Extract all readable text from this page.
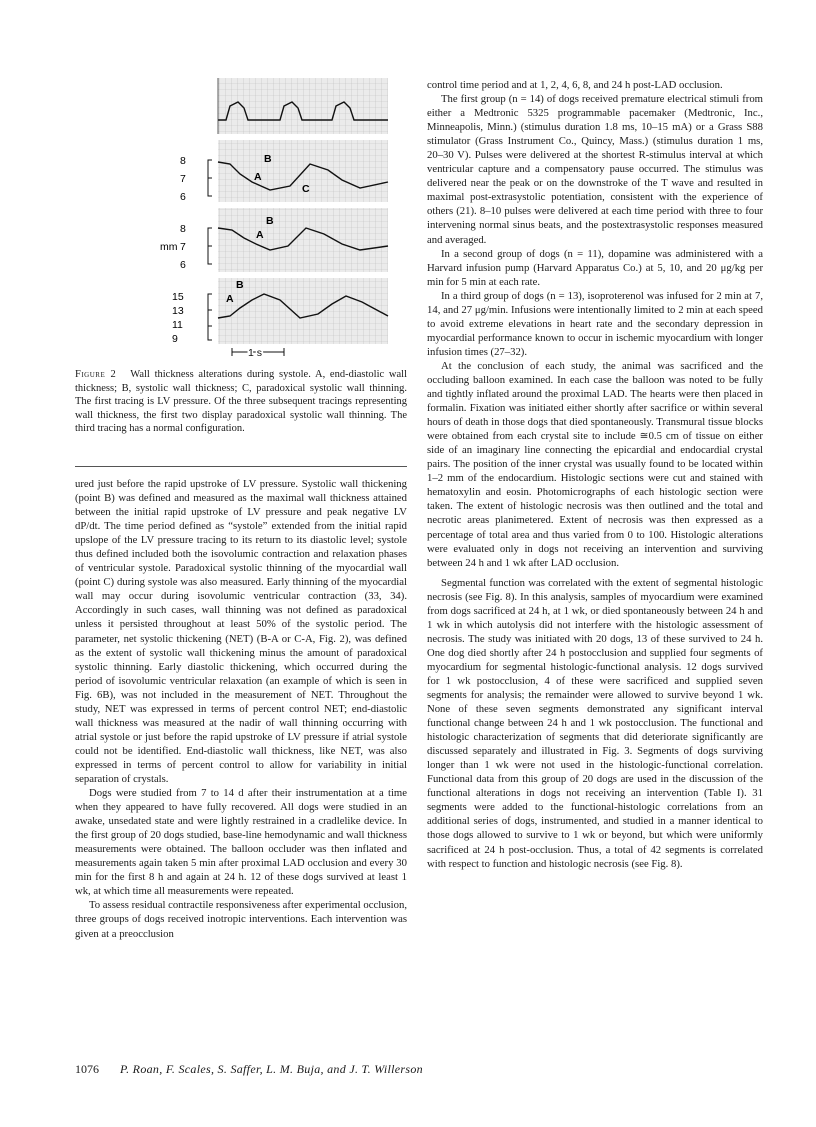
A
B
C
A
B
A
B
8
7
6
8
mm 7
6
15
13
11
9
1 s
Figure 2 Wall thickness alterations during systole. A, end-diastolic wall thickness; B, systolic wall thickness; C, paradoxical systolic wall thinning. The first tracing is LV pressure. Of the three subsequent tracings representing wall thickness, the first two display paradoxical systolic wall thinning. The third tracing has a normal configuration.

ured just before the rapid upstroke of LV pressure. Systolic wall thickening (point B) was defined and measured as the maximal wall thickness attained between the initial rapid upstroke of LV pressure and peak negative LV dP/dt. The time period defined as “systole” extended from the initial rapid upslope of the LV pressure tracing to its return to its diastolic level; systole thus defined included both the isovolumic contraction and relaxation phases of ventricular systole. Paradoxical systolic thinning of the myocardial wall (point C) during systole was also measured. Early thinning of the myocardial wall may occur during isovolumic ventricular contraction (33, 34). Accordingly in such cases, wall thinning was not defined as paradoxical unless it persisted throughout at least 50% of the systolic period. The parameter, net systolic thickening (NET) (B-A or C-A, Fig. 2), was defined as the extent of systolic wall thickening minus the amount of paradoxical systolic thinning. Early diastolic thickening, which occurred during the period of isovolumic ventricular relaxation (an example of which is seen in Fig. 6B), was not included in the measurement of NET. Throughout the study, NET was expressed in terms of percent control NET; end-diastolic wall thickness was measured at the nadir of wall thinning occurring with atrial systole or just before the rapid upstroke of LV pressure if atrial systole could not be identified. End-diastolic wall thickness, like NET, was also expressed in terms of percent control to allow for variability in initial separation of crystals.

Dogs were studied from 7 to 14 d after their instrumentation at a time when they appeared to have fully recovered. All dogs were studied in an awake, unsedated state and were lightly restrained in a cradlelike device. In the first group of 20 dogs studied, base-line hemodynamic and wall thickness measurements were obtained. The balloon occluder was then inflated and measurements again taken 5 min after proximal LAD occlusion and every 30 min for the first 8 h and again at 24 h. 12 of these dogs survived at least 1 wk, at which time all measurements were repeated.

To assess residual contractile responsiveness after experimental occlusion, three groups of dogs received inotropic interventions. Each intervention was given at a preocclusion

control time period and at 1, 2, 4, 6, 8, and 24 h post-LAD occlusion.

The first group (n = 14) of dogs received premature electrical stimuli from either a Medtronic 5325 programmable pacemaker (Medtronic, Inc., Minneapolis, Minn.) (stimulus duration 1.8 ms, 10–15 mA) or a Grass S88 stimulator (Grass Instrument Co., Quincy, Mass.) (stimulus duration 1 ms, 20–30 V). Pulses were delivered at the shortest R-stimulus interval at which ventricular capture and a compensatory pause occurred. The stimulus was delivered near the peak or on the downstroke of the T wave and resulted in maximal post-extrasystolic potentiation, consistent with the experience of others (21). 8–10 pulses were delivered at each time period with three to four intervening normal sinus beats, and the postextrasystolic responses measured and averaged.

In a second group of dogs (n = 11), dopamine was administered with a Harvard infusion pump (Harvard Apparatus Co.) at 5, 10, and 20 μg/kg per min for 5 min at each rate.

In a third group of dogs (n = 13), isoproterenol was infused for 2 min at 7, 14, and 27 μg/min. Infusions were intentionally limited to 2 min at each speed to avoid extreme elevations in heart rate and the secondary depression in myocardial performance known to occur in ischemic myocardium with longer infusion times (27–32).

At the conclusion of each study, the animal was sacrificed and the occluding balloon examined. In each case the balloon was noted to be fully and tightly inflated around the proximal LAD. The hearts were then placed in formalin. Fixation was initiated either shortly after sacrifice or within several hours of death in those dogs that died spontaneously. Transmural tissue blocks were obtained from each crystal site to include ≅0.5 cm of tissue on either side of an imaginary line connecting the epicardial and endocardial crystal pairs. The position of the inner crystal was usually found to be located within 1–2 mm of the endocardium. Histologic sections were cut and stained with hematoxylin and eosin. Photomicrographs of each histologic section were taken. The extent of histologic necrosis was then outlined and the total and necrotic areas planimetered. Extent of necrosis was then expressed as a percentage of total area and thus varied from 0 to 100. Histologic alterations were evaluated only in dogs not receiving an intervention and surviving between 24 h and 1 wk after LAD occlusion.

Segmental function was correlated with the extent of segmental histologic necrosis (see Fig. 8). In this analysis, samples of myocardium were examined from dogs sacrificed at 24 h, at 1 wk, or died spontaneously between 24 h and 1 wk in which autolysis did not interfere with the histologic assessment of necrosis. The study was initiated with 20 dogs, 13 of these survived to 24 h. One dog died shortly after 24 h postocclusion and supplied four segments of myocardium for segmental histologic-functional analysis. 12 dogs survived for 1 wk postocclusion, 4 of these were sacrificed and supplied seven segments for analysis; the remainder were allowed to survive beyond 1 wk. None of these seven segments demonstrated any significant interval functional change between 24 h and 1 wk postocclusion. The functional and histologic characterization of segments that did deteriorate significantly are discussed separately and illustrated in Fig. 3. Segments of dogs surviving longer than 1 wk were not used in the histologic-functional correlation. Functional data from this group of 20 dogs are used in the discussion of the functional alterations in dogs not receiving an intervention (Table I). 31 segments were added to the functional-histologic correlations from an additional series of dogs, instrumented, and studied in a manner identical to those dogs allowed to survive to 1 wk or beyond, but which were uniformly sacrificed at 24 h post-occlusion. Thus, a total of 42 segments is correlated with respect to function and histologic necrosis (see Fig. 8).

1076 P. Roan, F. Scales, S. Saffer, L. M. Buja, and J. T. Willerson
